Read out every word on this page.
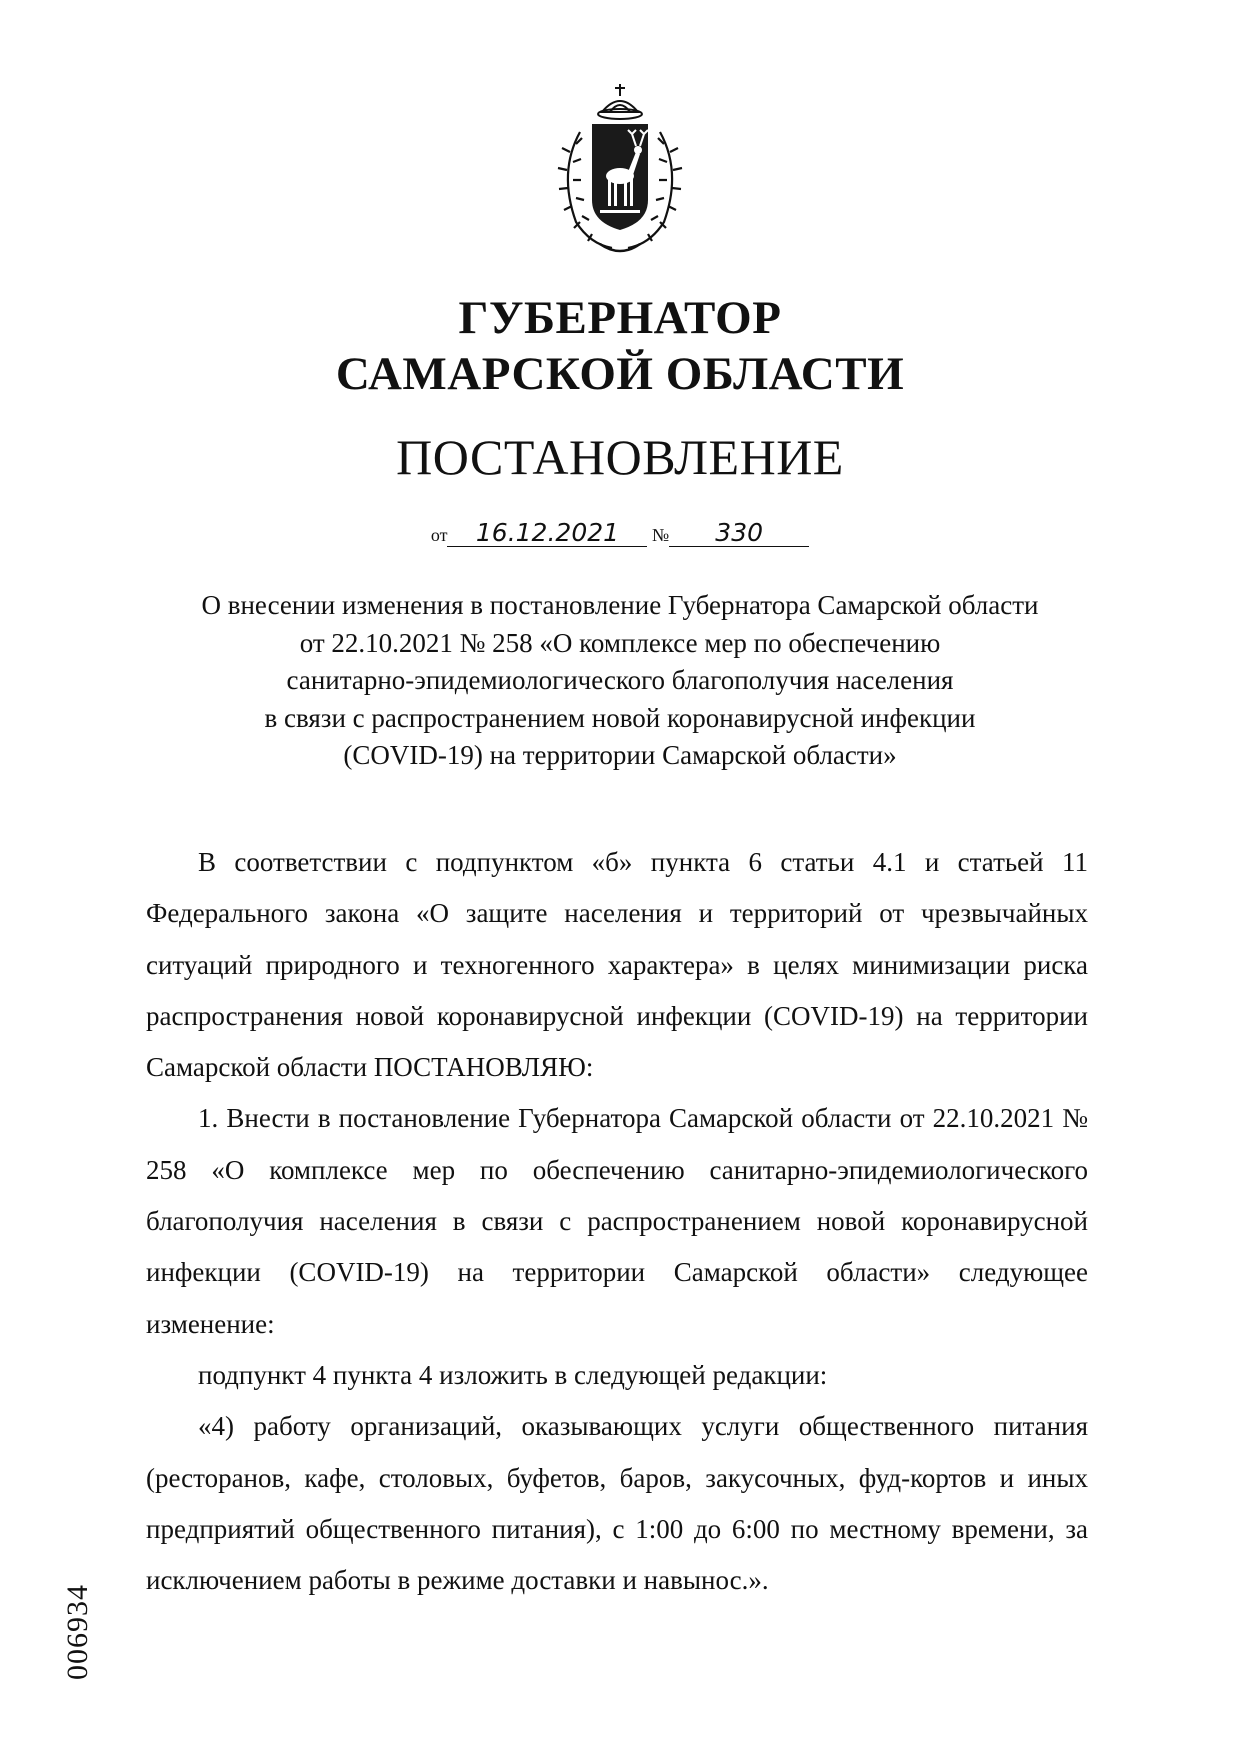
ГУБЕРНАТОР
САМАРСКОЙ ОБЛАСТИ
ПОСТАНОВЛЕНИЕ
от 16.12.2021 № 330
О внесении изменения в постановление Губернатора Самарской области
от 22.10.2021 № 258 «О комплексе мер по обеспечению
санитарно-эпидемиологического благополучия населения
в связи с распространением новой коронавирусной инфекции
(COVID-19) на территории Самарской области»

В соответствии с подпунктом «б» пункта 6 статьи 4.1 и статьей 11 Федерального закона «О защите населения и территорий от чрезвычайных ситуаций природного и техногенного характера» в целях минимизации риска распространения новой коронавирусной инфекции (COVID-19) на территории Самарской области ПОСТАНОВЛЯЮ:

1. Внести в постановление Губернатора Самарской области от 22.10.2021 № 258 «О комплексе мер по обеспечению санитарно-эпидемиологического благополучия населения в связи с распространением новой коронавирусной инфекции (COVID-19) на территории Самарской области» следующее изменение:

подпункт 4 пункта 4 изложить в следующей редакции:

«4) работу организаций, оказывающих услуги общественного питания (ресторанов, кафе, столовых, буфетов, баров, закусочных, фуд-кортов и иных предприятий общественного питания), с 1:00 до 6:00 по местному времени, за исключением работы в режиме доставки и навынос.».

006934
